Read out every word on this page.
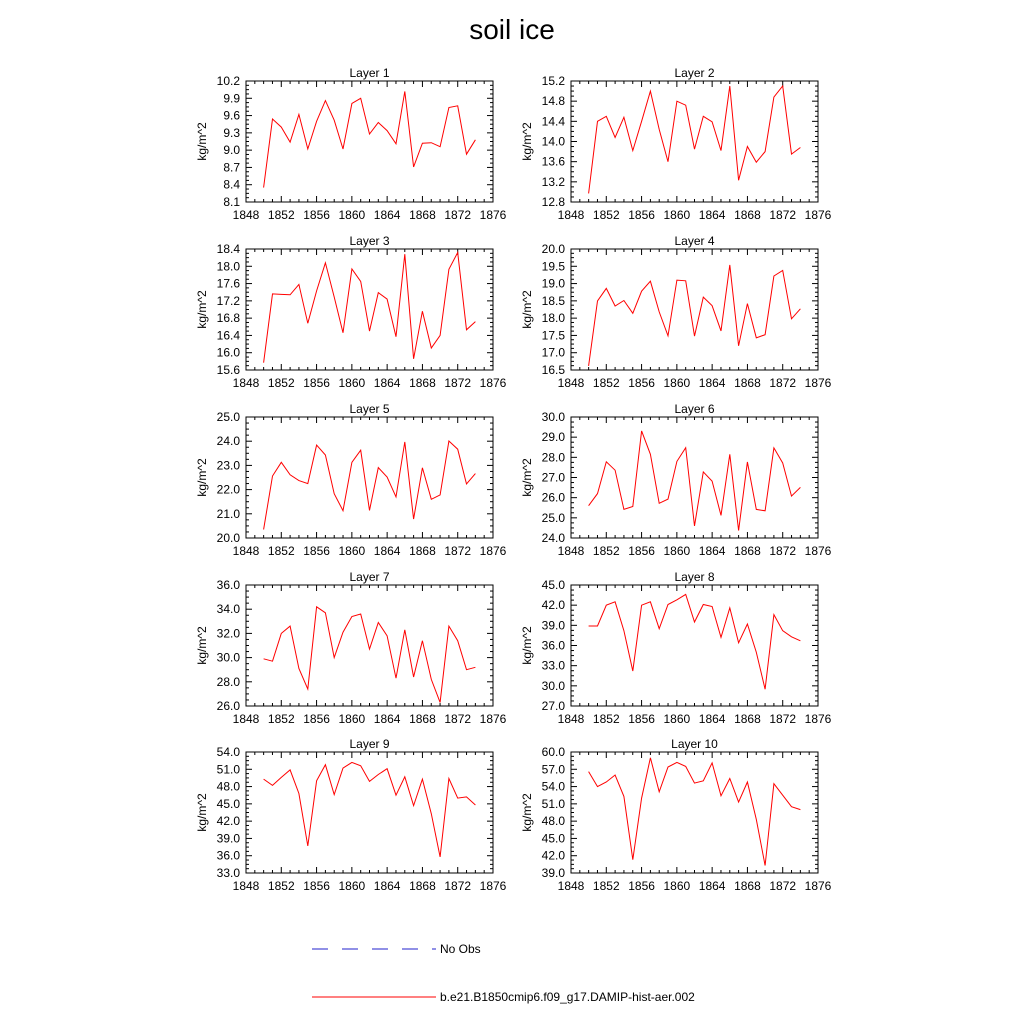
soil ice
Layer 1
1848 1852 1856 1860 1864 1868 1872 1876
8.1
8.4
8.7
9.0
9.3
9.6
9.9
10.2
kg/m^2
Layer 2
1848 1852 1856 1860 1864 1868 1872 1876
12.8
13.2
13.6
14.0
14.4
14.8
15.2
kg/m^2
Layer 3
1848 1852 1856 1860 1864 1868 1872 1876
15.6
16.0
16.4
16.8
17.2
17.6
18.0
18.4
kg/m^2
Layer 4
1848 1852 1856 1860 1864 1868 1872 1876
16.5
17.0
17.5
18.0
18.5
19.0
19.5
20.0
kg/m^2
Layer 5
1848 1852 1856 1860 1864 1868 1872 1876
20.0
21.0
22.0
23.0
24.0
25.0
kg/m^2
Layer 6
1848 1852 1856 1860 1864 1868 1872 1876
24.0
25.0
26.0
27.0
28.0
29.0
30.0
kg/m^2
Layer 7
1848 1852 1856 1860 1864 1868 1872 1876
26.0
28.0
30.0
32.0
34.0
36.0
kg/m^2
Layer 8
1848 1852 1856 1860 1864 1868 1872 1876
27.0
30.0
33.0
36.0
39.0
42.0
45.0
kg/m^2
Layer 9
1848 1852 1856 1860 1864 1868 1872 1876
33.0
36.0
39.0
42.0
45.0
48.0
51.0
54.0
kg/m^2
Layer 10
1848 1852 1856 1860 1864 1868 1872 1876
39.0
42.0
45.0
48.0
51.0
54.0
57.0
60.0
kg/m^2
No Obs
b.e21.B1850cmip6.f09_g17.DAMIP-hist-aer.002
